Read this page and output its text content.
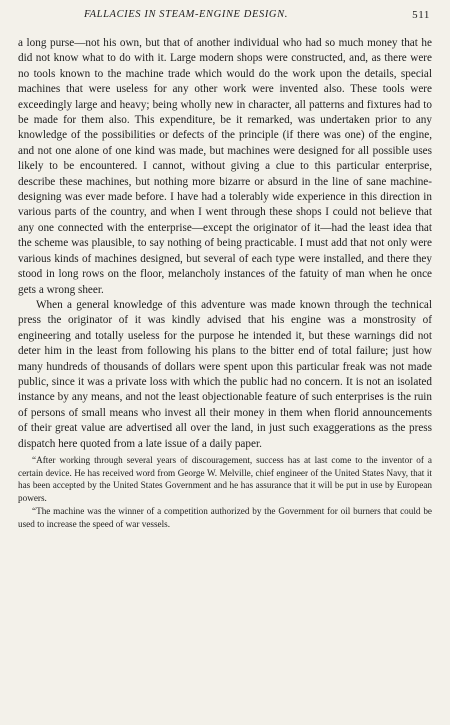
FALLACIES IN STEAM-ENGINE DESIGN.	511

a long purse—not his own, but that of another individual who had so much money that he did not know what to do with it. Large modern shops were constructed, and, as there were no tools known to the machine trade which would do the work upon the details, special machines that were useless for any other work were invented also. These tools were exceedingly large and heavy; being wholly new in character, all patterns and fixtures had to be made for them also. This expenditure, be it remarked, was undertaken prior to any knowledge of the possibilities or defects of the principle (if there was one) of the engine, and not one alone of one kind was made, but machines were designed for all possible uses likely to be encountered. I cannot, without giving a clue to this particular enterprise, describe these machines, but nothing more bizarre or absurd in the line of sane machine-designing was ever made before. I have had a tolerably wide experience in this direction in various parts of the country, and when I went through these shops I could not believe that any one connected with the enterprise—except the originator of it—had the least idea that the scheme was plausible, to say nothing of being practicable. I must add that not only were various kinds of machines designed, but several of each type were installed, and there they stood in long rows on the floor, melancholy instances of the fatuity of man when he once gets a wrong sheer.

When a general knowledge of this adventure was made known through the technical press the originator of it was kindly advised that his engine was a monstrosity of engineering and totally useless for the purpose he intended it, but these warnings did not deter him in the least from following his plans to the bitter end of total failure; just how many hundreds of thousands of dollars were spent upon this particular freak was not made public, since it was a private loss with which the public had no concern. It is not an isolated instance by any means, and not the least objectionable feature of such enterprises is the ruin of persons of small means who invest all their money in them when florid announcements of their great value are advertised all over the land, in just such exaggerations as the press dispatch here quoted from a late issue of a daily paper.

“After working through several years of discouragement, success has at last come to the inventor of a certain device. He has received word from George W. Melville, chief engineer of the United States Navy, that it has been accepted by the United States Government and he has assurance that it will be put in use by European powers.

“The machine was the winner of a competition authorized by the Government for oil burners that could be used to increase the speed of war vessels.
